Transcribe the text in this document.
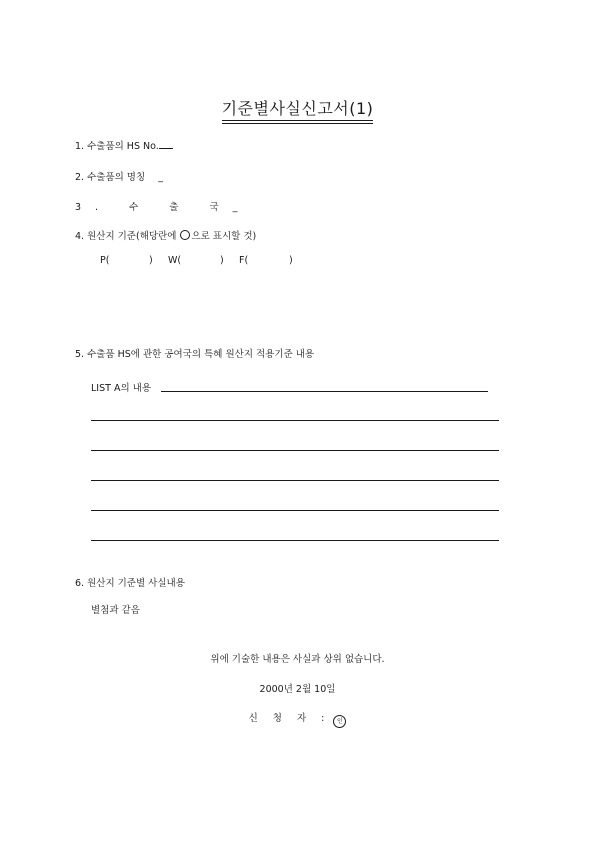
기준별사실신고서(1)
1. 수출품의 HS No.
2. 수출품의 명칭 _
3. 수 출 국_
4. 원산지 기준(해당란에 ○으로 표시할 것)
P(	) W(	) F(	)
5. 수출품 HS에 관한 공여국의 특혜 원산지 적용기준 내용
LIST A의 내용
6. 원산지 기준별 사실내용
별첨과 같음
위에 기술한 내용은 사실과 상위 없습니다.
2000년 2월 10일
신 청 자 : 인
